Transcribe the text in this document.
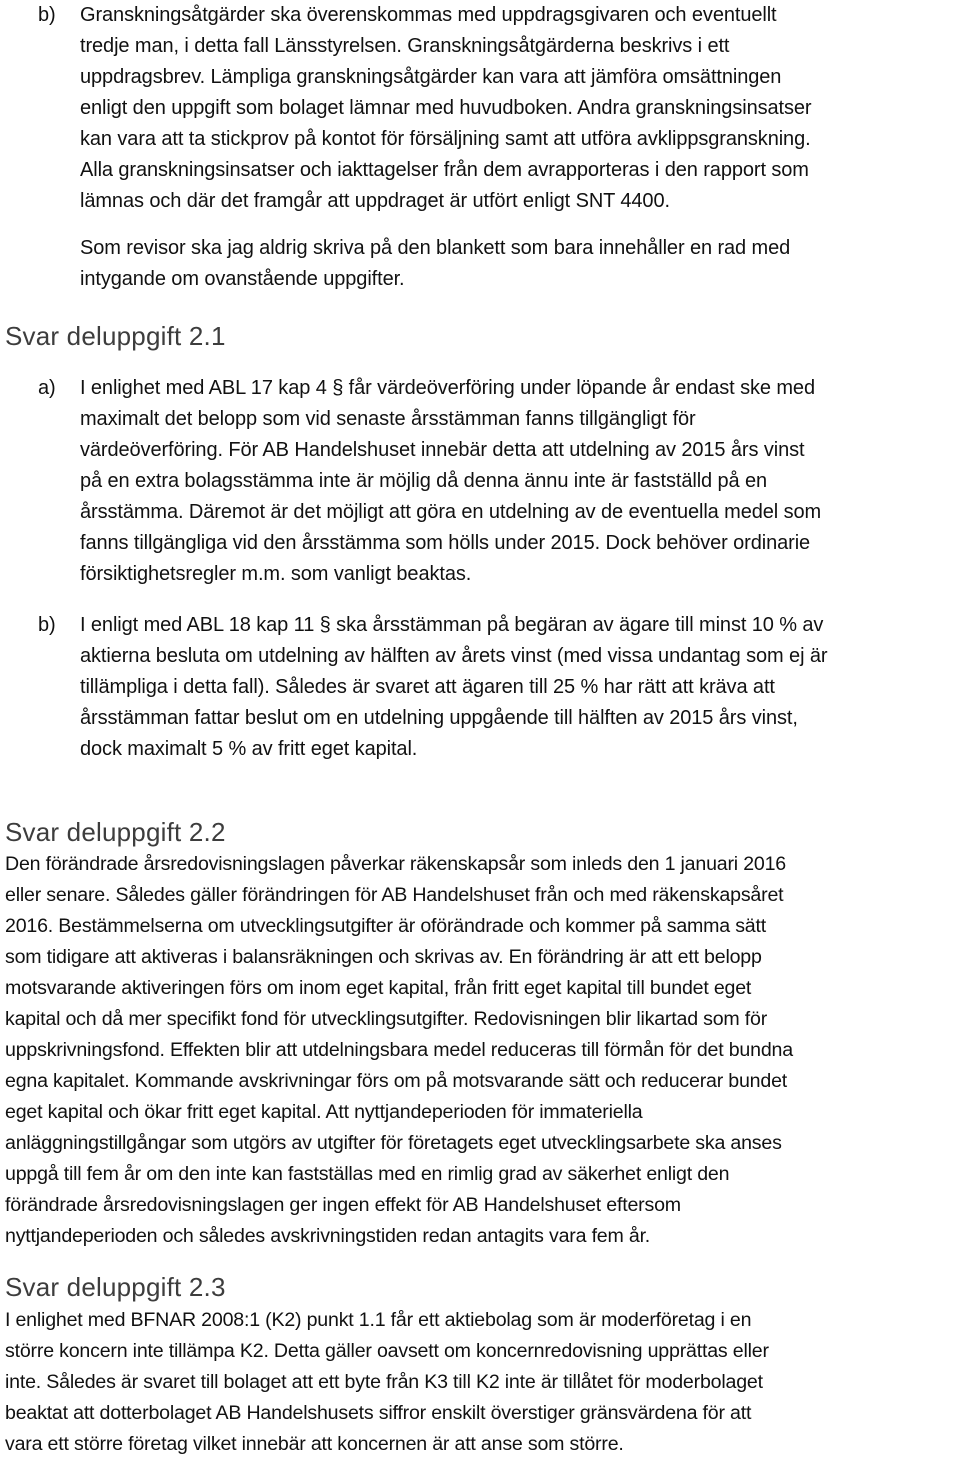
b) Granskningsåtgärder ska överenskommas med uppdragsgivaren och eventuellt
tredje man, i detta fall Länsstyrelsen. Granskningsåtgärderna beskrivs i ett
uppdragsbrev. Lämpliga granskningsåtgärder kan vara att jämföra omsättningen
enligt den uppgift som bolaget lämnar med huvudboken. Andra granskningsinsatser
kan vara att ta stickprov på kontot för försäljning samt att utföra avklippsgranskning.
Alla granskningsinsatser och iakttagelser från dem avrapporteras i den rapport som
lämnas och där det framgår att uppdraget är utfört enligt SNT 4400.
Som revisor ska jag aldrig skriva på den blankett som bara innehåller en rad med
intygande om ovanstående uppgifter.
Svar deluppgift 2.1
a) I enlighet med ABL 17 kap 4 § får värdeöverföring under löpande år endast ske med
maximalt det belopp som vid senaste årsstämman fanns tillgängligt för
värdeöverföring. För AB Handelshuset innebär detta att utdelning av 2015 års vinst
på en extra bolagsstämma inte är möjlig då denna ännu inte är fastställd på en
årsstämma. Däremot är det möjligt att göra en utdelning av de eventuella medel som
fanns tillgängliga vid den årsstämma som hölls under 2015. Dock behöver ordinarie
försiktighetsregler m.m. som vanligt beaktas.
b) I enligt med ABL 18 kap 11 § ska årsstämman på begäran av ägare till minst 10 % av
aktierna besluta om utdelning av hälften av årets vinst (med vissa undantag som ej är
tillämpliga i detta fall). Således är svaret att ägaren till 25 % har rätt att kräva att
årsstämman fattar beslut om en utdelning uppgående till hälften av 2015 års vinst,
dock maximalt 5 % av fritt eget kapital.
Svar deluppgift 2.2
Den förändrade årsredovisningslagen påverkar räkenskapsår som inleds den 1 januari 2016
eller senare. Således gäller förändringen för AB Handelshuset från och med räkenskapsåret
2016. Bestämmelserna om utvecklingsutgifter är oförändrade och kommer på samma sätt
som tidigare att aktiveras i balansräkningen och skrivas av. En förändring är att ett belopp
motsvarande aktiveringen förs om inom eget kapital, från fritt eget kapital till bundet eget
kapital och då mer specifikt fond för utvecklingsutgifter. Redovisningen blir likartad som för
uppskrivningsfond. Effekten blir att utdelningsbara medel reduceras till förmån för det bundna
egna kapitalet. Kommande avskrivningar förs om på motsvarande sätt och reducerar bundet
eget kapital och ökar fritt eget kapital. Att nyttjandeperioden för immateriella
anläggningstillgångar som utgörs av utgifter för företagets eget utvecklingsarbete ska anses
uppgå till fem år om den inte kan fastställas med en rimlig grad av säkerhet enligt den
förändrade årsredovisningslagen ger ingen effekt för AB Handelshuset eftersom
nyttjandeperioden och således avskrivningstiden redan antagits vara fem år.
Svar deluppgift 2.3
I enlighet med BFNAR 2008:1 (K2) punkt 1.1 får ett aktiebolag som är moderföretag i en
större koncern inte tillämpa K2. Detta gäller oavsett om koncernredovisning upprättas eller
inte. Således är svaret till bolaget att ett byte från K3 till K2 inte är tillåtet för moderbolaget
beaktat att dotterbolaget AB Handelshusets siffror enskilt överstiger gränsvärdena för att
vara ett större företag vilket innebär att koncernen är att anse som större.
